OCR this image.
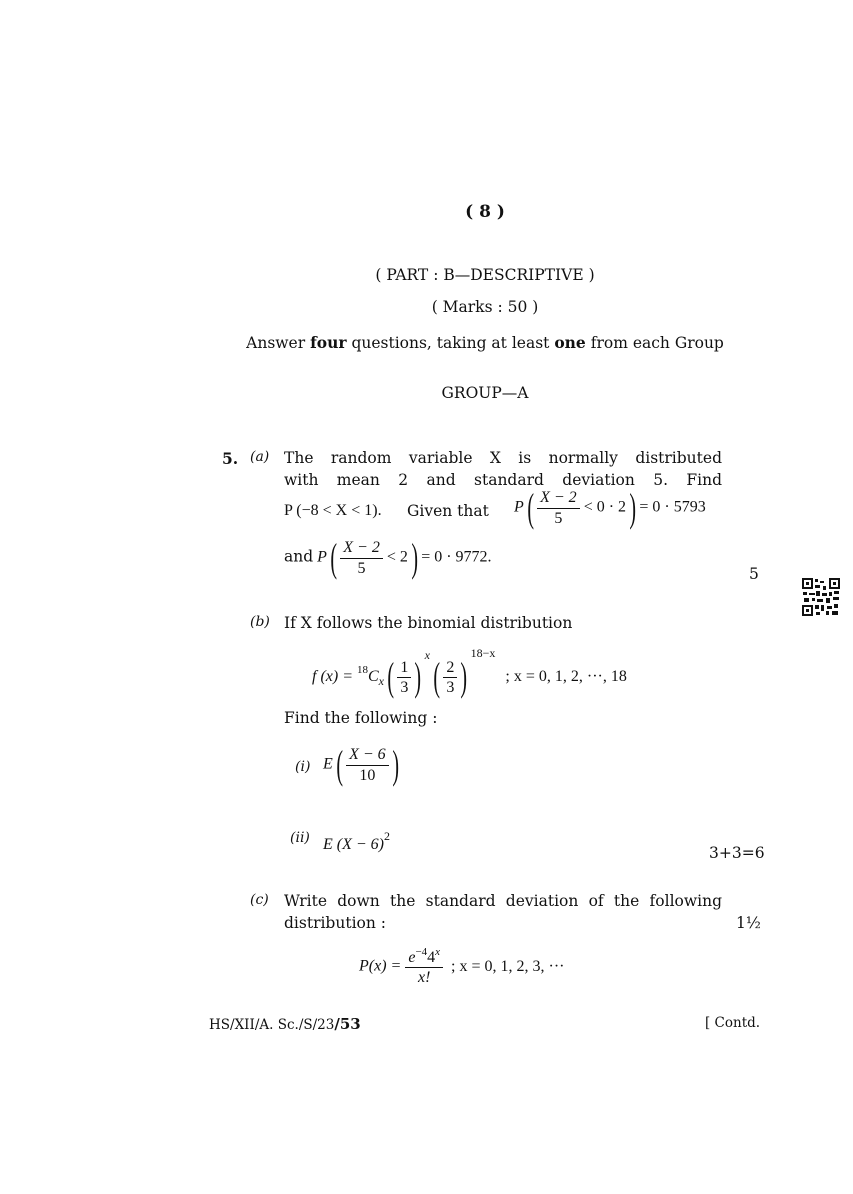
( 8 )
( PART : B—DESCRIPTIVE )
( Marks : 50 )
Answer four questions, taking at least one from each Group
GROUP—A
5. (a) The random variable X is normally distributed
with mean 2 and standard deviation 5. Find
P (−8 < X < 1). Given that $P( \frac{X - 2}{5} < 0 \cdot 2) = 0 \cdot 5793$
and $P( \frac{X - 2}{5} < 2) = 0 \cdot 9772$.
5
(b) If X follows the binomial distribution
f $(x) = ^{18}C_x( \frac{1}{3}$ ) $^x( \frac{2}{3} )^{18-x}$ ; x = 0, 1, 2, ···, 18
Find the following :
(i) $E( \frac{X - 6}{10}$ )
(ii) E $(X - 6)^2$
3+3=6
(c) Write down the standard deviation of the following
distribution :	1½
$P(x) = \frac{e^{-4}4^x}{x!}$ ; x = 0, 1, 2, 3, ···
HS/XII/A. Sc./S/23/53	[ Contd.
